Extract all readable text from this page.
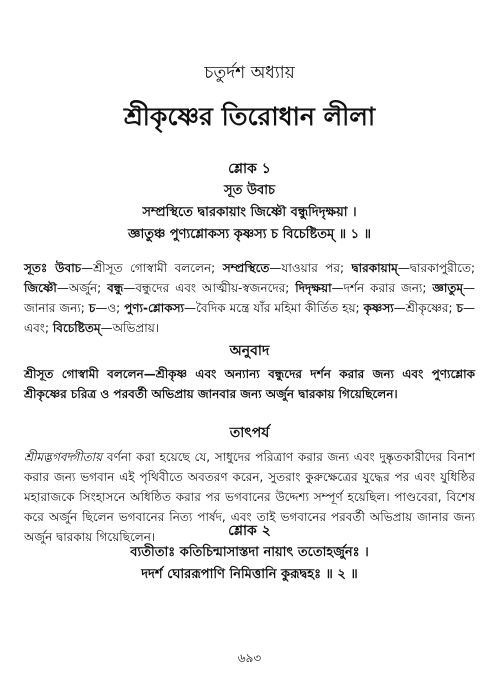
চতুর্দশ অধ্যায়
শ্রীকৃষ্ণের তিরোধান লীলা
শ্লোক ১
সূত উবাচ
সম্প্রস্থিতে দ্বারকায়াং জিষ্ণৌ বন্ধুদিদৃক্ষয়া ।
জ্ঞাতুঞ্চ পুণ্যশ্লোকস্য কৃষ্ণস্য চ বিচেষ্টিতম্ ॥ ১ ॥
সূতঃ উবাচ—শ্রীসূত গোস্বামী বললেন; সম্প্রস্থিতে—যাওয়ার পর; দ্বারকায়াম্—দ্বারকাপুরীতে; জিষ্ণৌ—অর্জুন; বন্ধু—বন্ধুদের এবং আত্মীয়-স্বজনদের; দিদৃক্ষয়া—দর্শন করার জন্য; জ্ঞাতুম্—জানার জন্য; চ—ও; পুণ্য-শ্লোকস্য—বৈদিক মন্ত্রে যাঁর মহিমা কীর্তিত হয়; কৃষ্ণস্য—শ্রীকৃষ্ণের; চ—এবং; বিচেষ্টিতম্—অভিপ্রায়।
অনুবাদ
শ্রীসূত গোস্বামী বললেন—শ্রীকৃষ্ণ এবং অন্যান্য বন্ধুদের দর্শন করার জন্য এবং পুণ্যশ্লোক শ্রীকৃষ্ণের চরিত্র ও পরবর্তী অভিপ্রায় জানবার জন্য অর্জুন দ্বারকায় গিয়েছিলেন।
তাৎপর্য
শ্রীমদ্ভগবদ্গীতায় বর্ণনা করা হয়েছে যে, সাধুদের পরিত্রাণ করার জন্য এবং দুষ্কৃতকারীদের বিনাশ করার জন্য ভগবান এই পৃথিবীতে অবতরণ করেন, সুতরাং কুরুক্ষেত্রের যুদ্ধের পর এবং যুধিষ্ঠির মহারাজকে সিংহাসনে অধিষ্ঠিত করার পর ভগবানের উদ্দেশ্য সম্পূর্ণ হয়েছিল। পাণ্ডবেরা, বিশেষ করে অর্জুন ছিলেন ভগবানের নিত্য পার্ষদ, এবং তাই ভগবানের পরবর্তী অভিপ্রায় জানার জন্য অর্জুন দ্বারকায় গিয়েছিলেন।	শ্লোক ২
ব্যতীতাঃ কতিচিন্মাসাস্তদা নায়াৎ ততোহর্জুনঃ ।
দদর্শ ঘোররূপাণি নিমিত্তানি কুরূদ্বহঃ ॥ ২ ॥
৬৯৩
